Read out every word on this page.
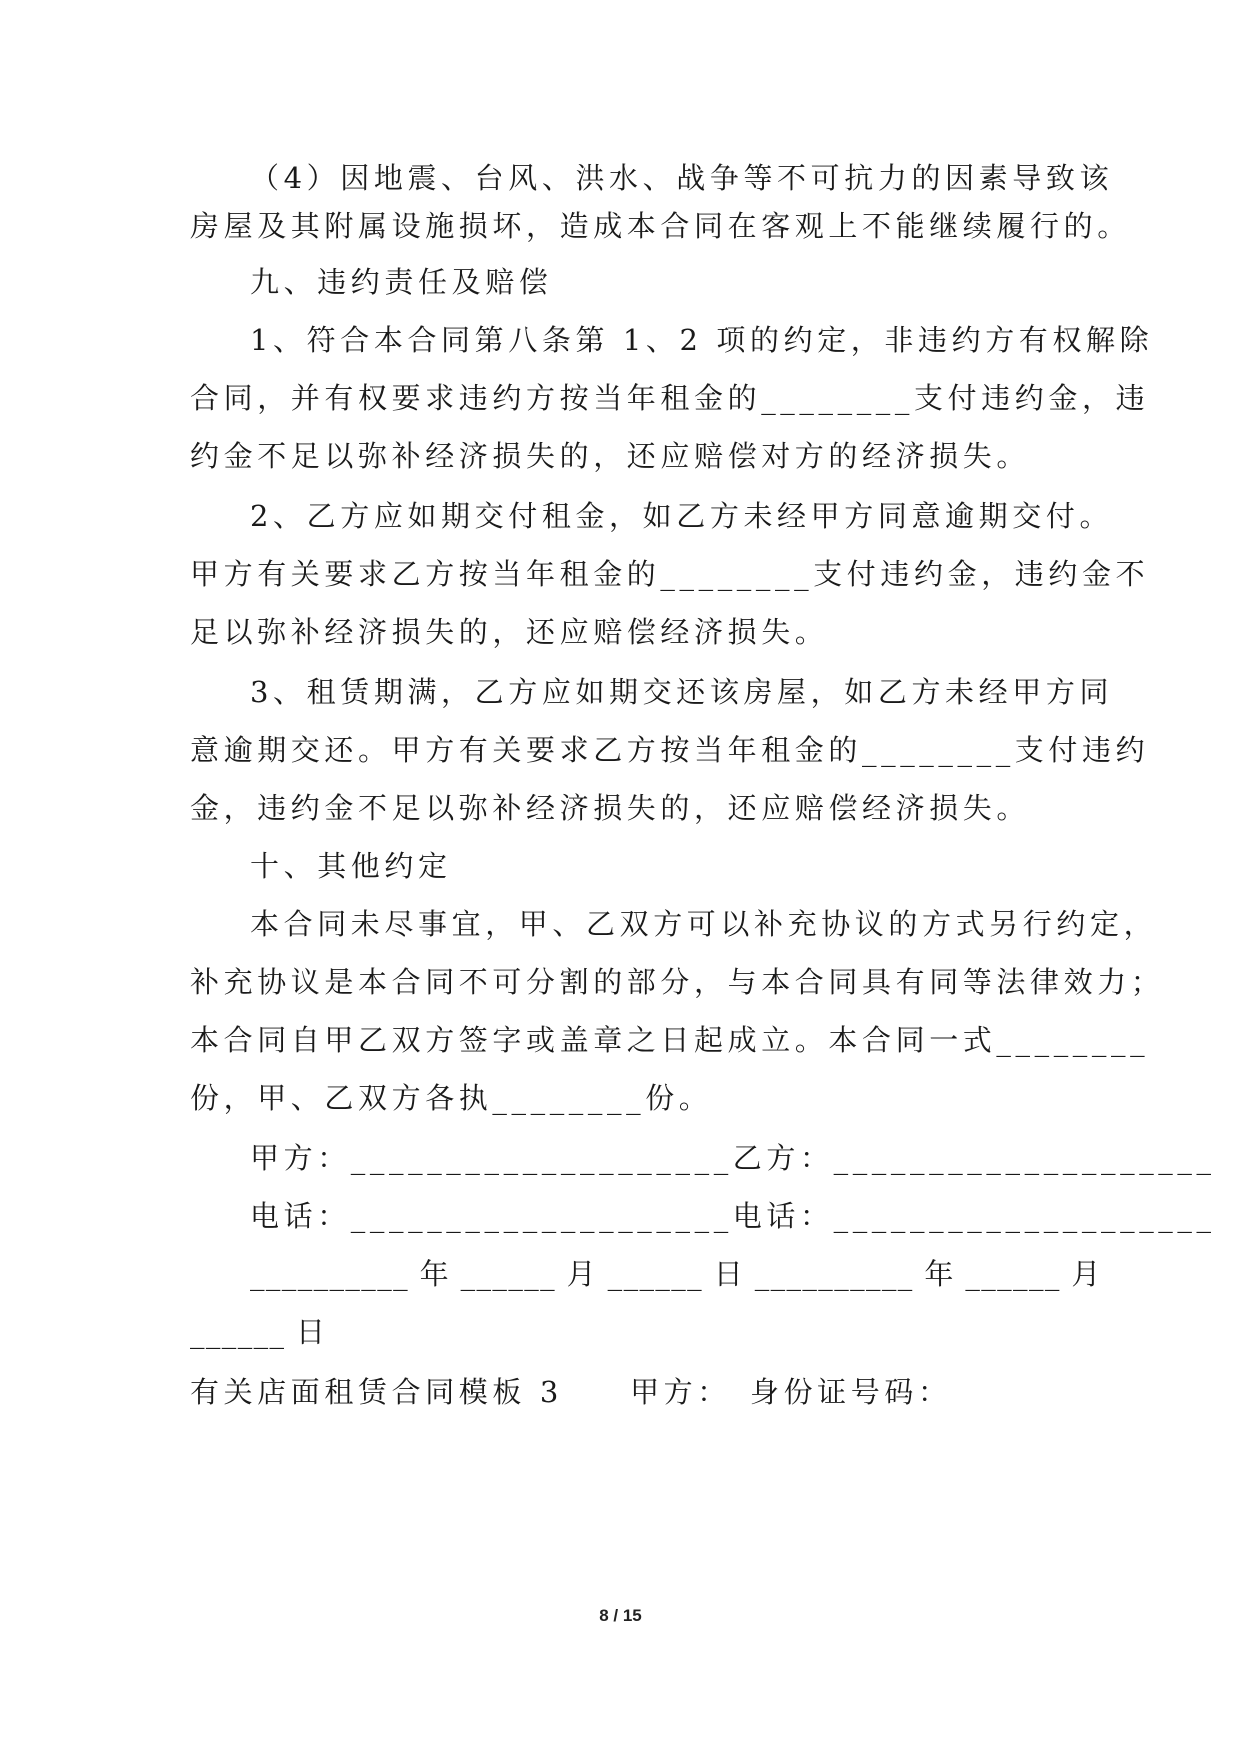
（4）因地震、台风、洪水、战争等不可抗力的因素导致该
房屋及其附属设施损坏，造成本合同在客观上不能继续履行的。
九、违约责任及赔偿
1、符合本合同第八条第 1、2 项的约定，非违约方有权解除
合同，并有权要求违约方按当年租金的________支付违约金，违
约金不足以弥补经济损失的，还应赔偿对方的经济损失。
2、乙方应如期交付租金，如乙方未经甲方同意逾期交付。
甲方有关要求乙方按当年租金的________支付违约金，违约金不
足以弥补经济损失的，还应赔偿经济损失。
3、租赁期满，乙方应如期交还该房屋，如乙方未经甲方同
意逾期交还。甲方有关要求乙方按当年租金的________支付违约
金，违约金不足以弥补经济损失的，还应赔偿经济损失。
十、其他约定
本合同未尽事宜，甲、乙双方可以补充协议的方式另行约定，
补充协议是本合同不可分割的部分，与本合同具有同等法律效力；
本合同自甲乙双方签字或盖章之日起成立。本合同一式________
份，甲、乙双方各执________份。
甲方：____________________乙方：____________________
电话：____________________电话：____________________
__________ 年 ______ 月 ______ 日 __________ 年 ______ 月
______ 日
有关店面租赁合同模板 3　　甲方：　身份证号码：
8 / 15
